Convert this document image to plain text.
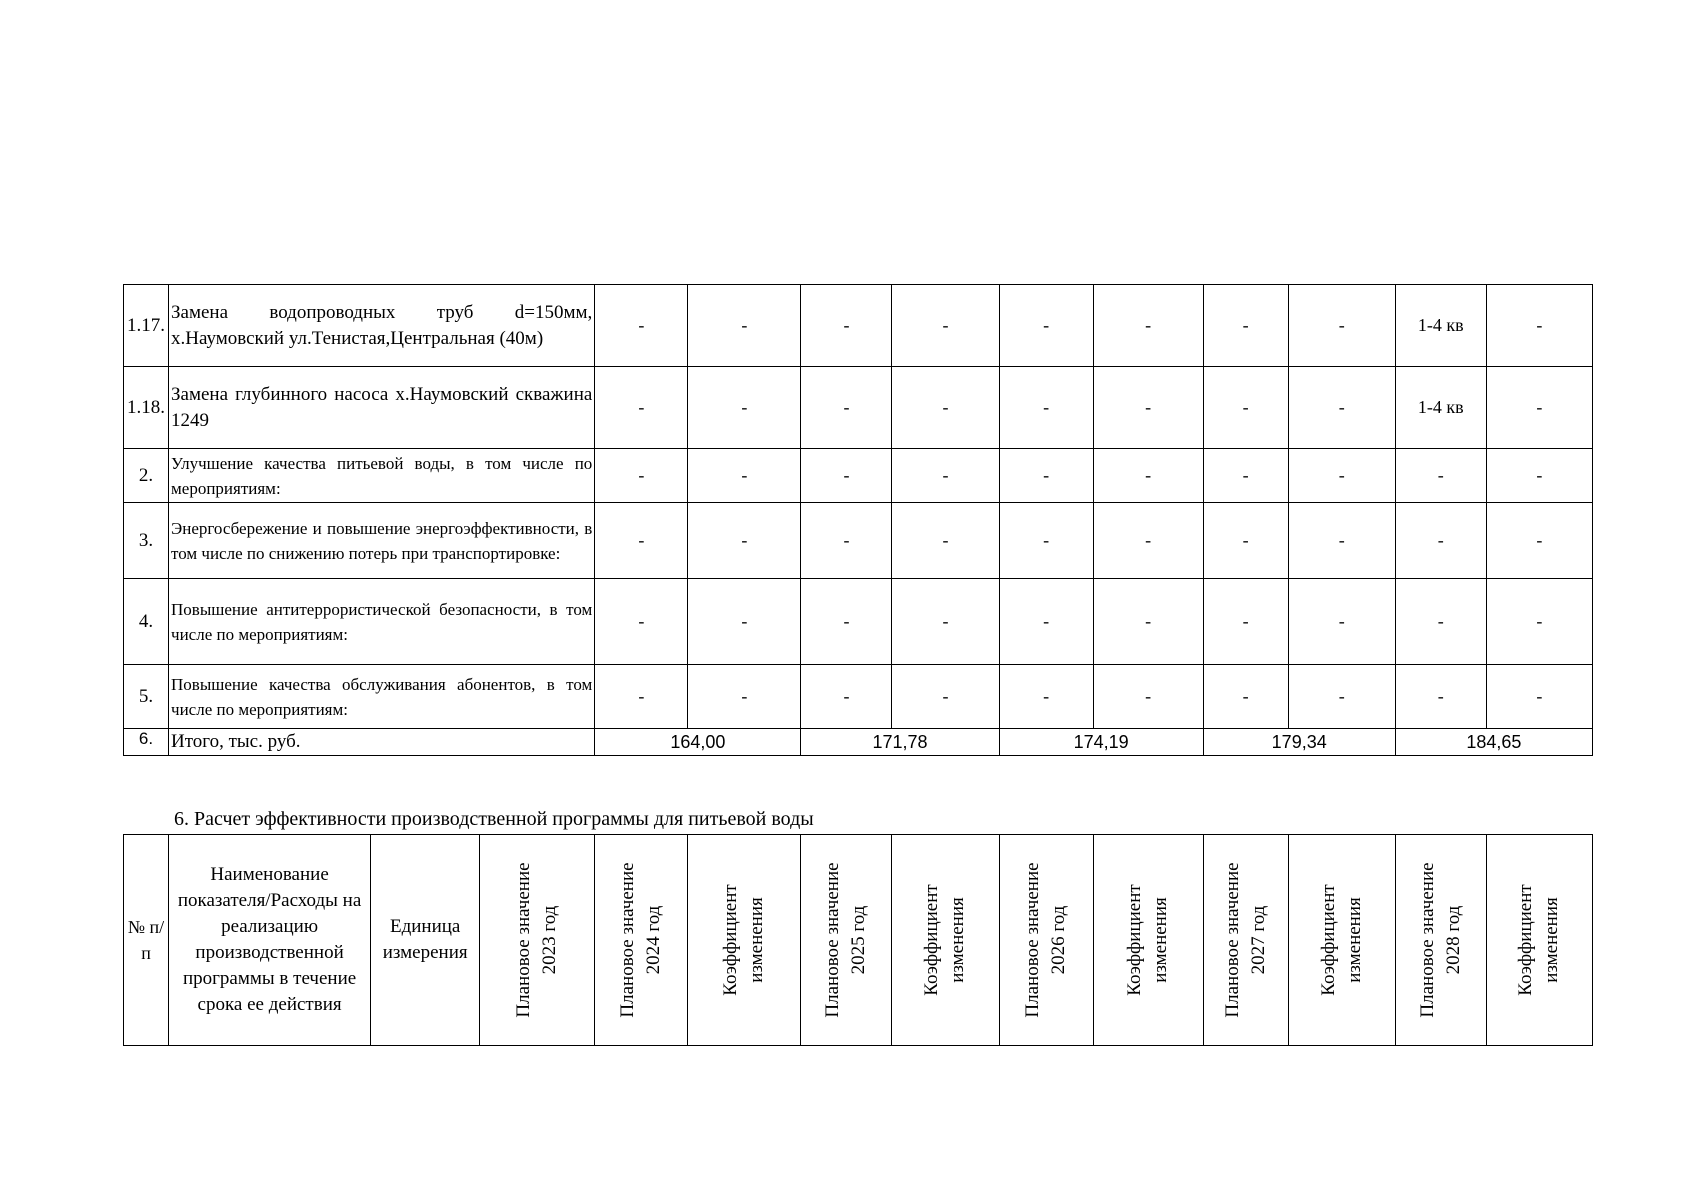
1.17.	Замена водопроводных труб d=150мм, х.Наумовский ул.Тенистая,Центральная (40м)	-	-	-	-	-	-	-	-	1-4 кв	-
1.18.	Замена глубинного насоса х.Наумовский скважина 1249	-	-	-	-	-	-	-	-	1-4 кв	-
2.	Улучшение качества питьевой воды, в том числе по мероприятиям:	-	-	-	-	-	-	-	-	-	-
3.	Энергосбережение и повышение энергоэффективности, в том числе по снижению потерь при транспортировке:	-	-	-	-	-	-	-	-	-	-
4.	Повышение антитеррористической безопасности, в том числе по мероприятиям:	-	-	-	-	-	-	-	-	-	-
5.	Повышение качества обслуживания абонентов, в том числе по мероприятиям:	-	-	-	-	-	-	-	-	-	-
6.	Итого, тыс. руб.	164,00		171,78		174,19		179,34		184,65	
6. Расчет эффективности производственной программы для питьевой воды
№ п/п	Наименование показателя/Расходы на реализацию производственной программы в течение срока ее действия	Единица измерения	Плановое значение 2023 год	Плановое значение 2024 год	Коэффициент изменения	Плановое значение 2025 год	Коэффициент изменения	Плановое значение 2026 год	Коэффициент изменения	Плановое значение 2027 год	Коэффициент изменения	Плановое значение 2028 год	Коэффициент изменения
